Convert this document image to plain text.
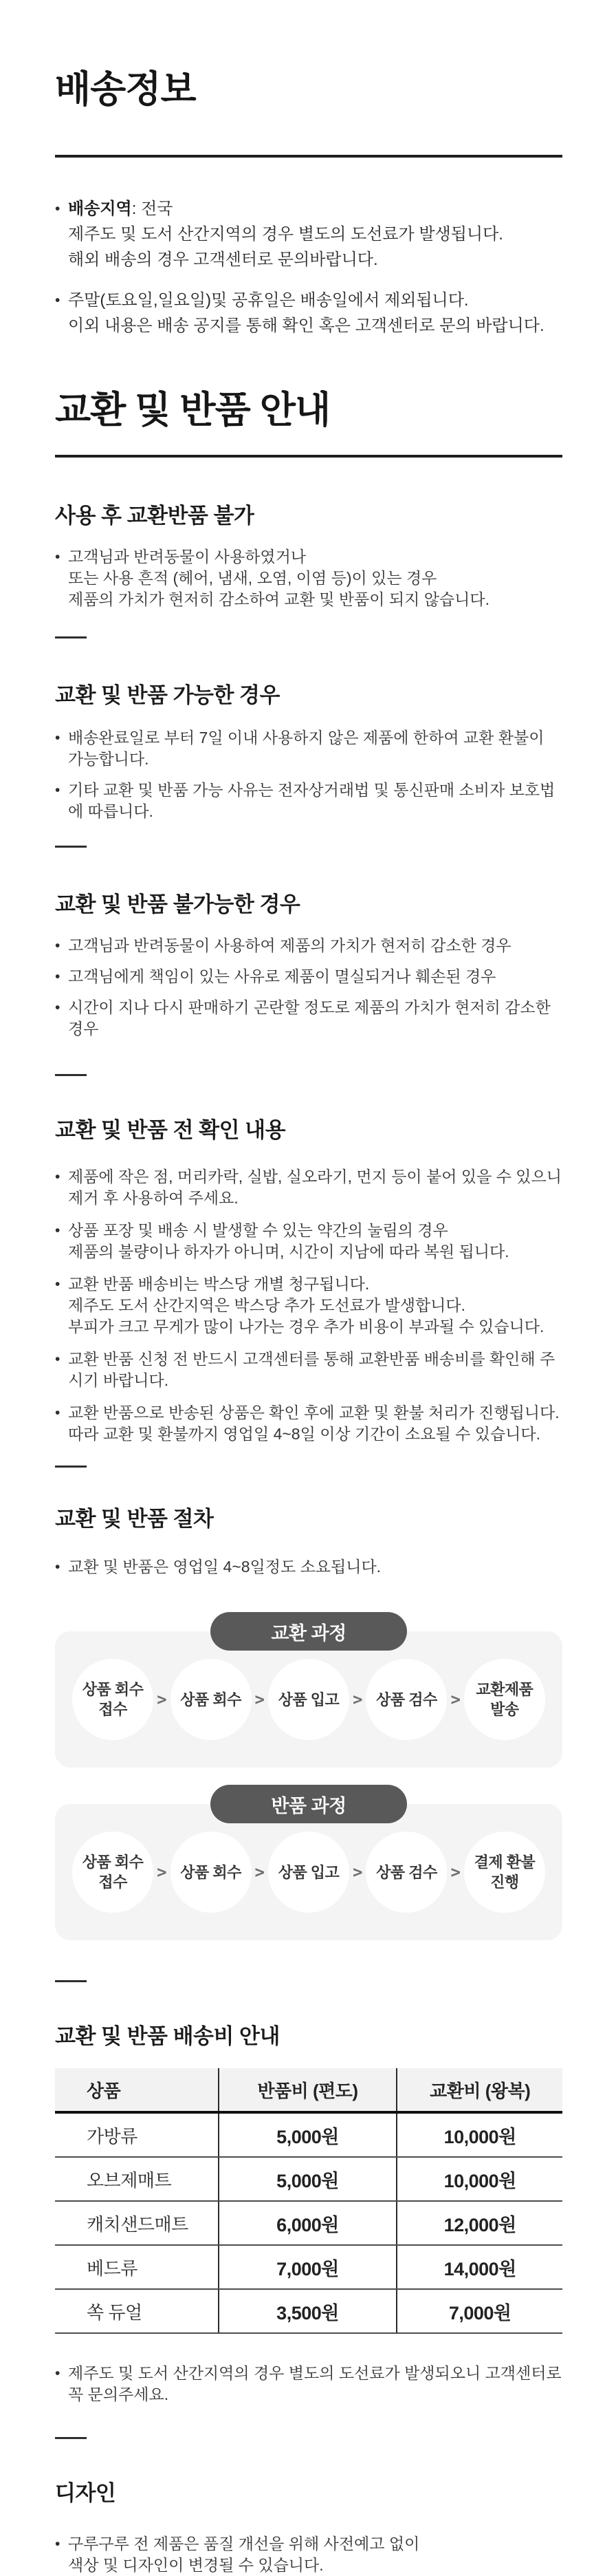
배송정보
• 배송지역: 전국
제주도 및 도서 산간지역의 경우 별도의 도선료가 발생됩니다.
해외 배송의 경우 고객센터로 문의바랍니다.
• 주말(토요일,일요일)및 공휴일은 배송일에서 제외됩니다.
이외 내용은 배송 공지를 통해 확인 혹은 고객센터로 문의 바랍니다.
교환 및 반품 안내
사용 후 교환반품 불가
• 고객님과 반려동물이 사용하였거나
또는 사용 흔적 (헤어, 냄새, 오염, 이염 등)이 있는 경우
제품의 가치가 현저히 감소하여 교환 및 반품이 되지 않습니다.
교환 및 반품 가능한 경우
• 배송완료일로 부터 7일 이내 사용하지 않은 제품에 한하여 교환 환불이 가능합니다.
• 기타 교환 및 반품 가능 사유는 전자상거래법 및 통신판매 소비자 보호법에 따릅니다.
교환 및 반품 불가능한 경우
• 고객님과 반려동물이 사용하여 제품의 가치가 현저히 감소한 경우
• 고객님에게 책임이 있는 사유로 제품이 멸실되거나 훼손된 경우
• 시간이 지나 다시 판매하기 곤란할 정도로 제품의 가치가 현저히 감소한 경우
교환 및 반품 전 확인 내용
• 제품에 작은 점, 머리카락, 실밥, 실오라기, 먼지 등이 붙어 있을 수 있으니
제거 후 사용하여 주세요.
• 상품 포장 및 배송 시 발생할 수 있는 약간의 눌림의 경우
제품의 불량이나 하자가 아니며, 시간이 지남에 따라 복원 됩니다.
• 교환 반품 배송비는 박스당 개별 청구됩니다.
제주도 도서 산간지역은 박스당 추가 도선료가 발생합니다.
부피가 크고 무게가 많이 나가는 경우 추가 비용이 부과될 수 있습니다.
• 교환 반품 신청 전 반드시 고객센터를 통해 교환반품 배송비를 확인해 주시기 바랍니다.
• 교환 반품으로 반송된 상품은 확인 후에 교환 및 환불 처리가 진행됩니다.
따라 교환 및 환불까지 영업일 4~8일 이상 기간이 소요될 수 있습니다.
교환 및 반품 절차
• 교환 및 반품은 영업일 4~8일정도 소요됩니다.
교환 과정
상품 회수
접수
> 상품 회수 > 상품 입고 > 상품 검수 >
교환제품
발송
반품 과정
상품 회수
접수
> 상품 회수 > 상품 입고 > 상품 검수 >
결제 환불
진행
교환 및 반품 배송비 안내
상품	반품비 (편도)	교환비 (왕복)
가방류	5,000원	10,000원
오브제매트	5,000원	10,000원
캐치샌드매트	6,000원	12,000원
베드류	7,000원	14,000원
쏙 듀얼	3,500원	7,000원
• 제주도 및 도서 산간지역의 경우 별도의 도선료가 발생되오니 고객센터로 꼭 문의주세요.
디자인
• 구루구루 전 제품은 품질 개선을 위해 사전예고 없이
색상 및 디자인이 변경될 수 있습니다.
